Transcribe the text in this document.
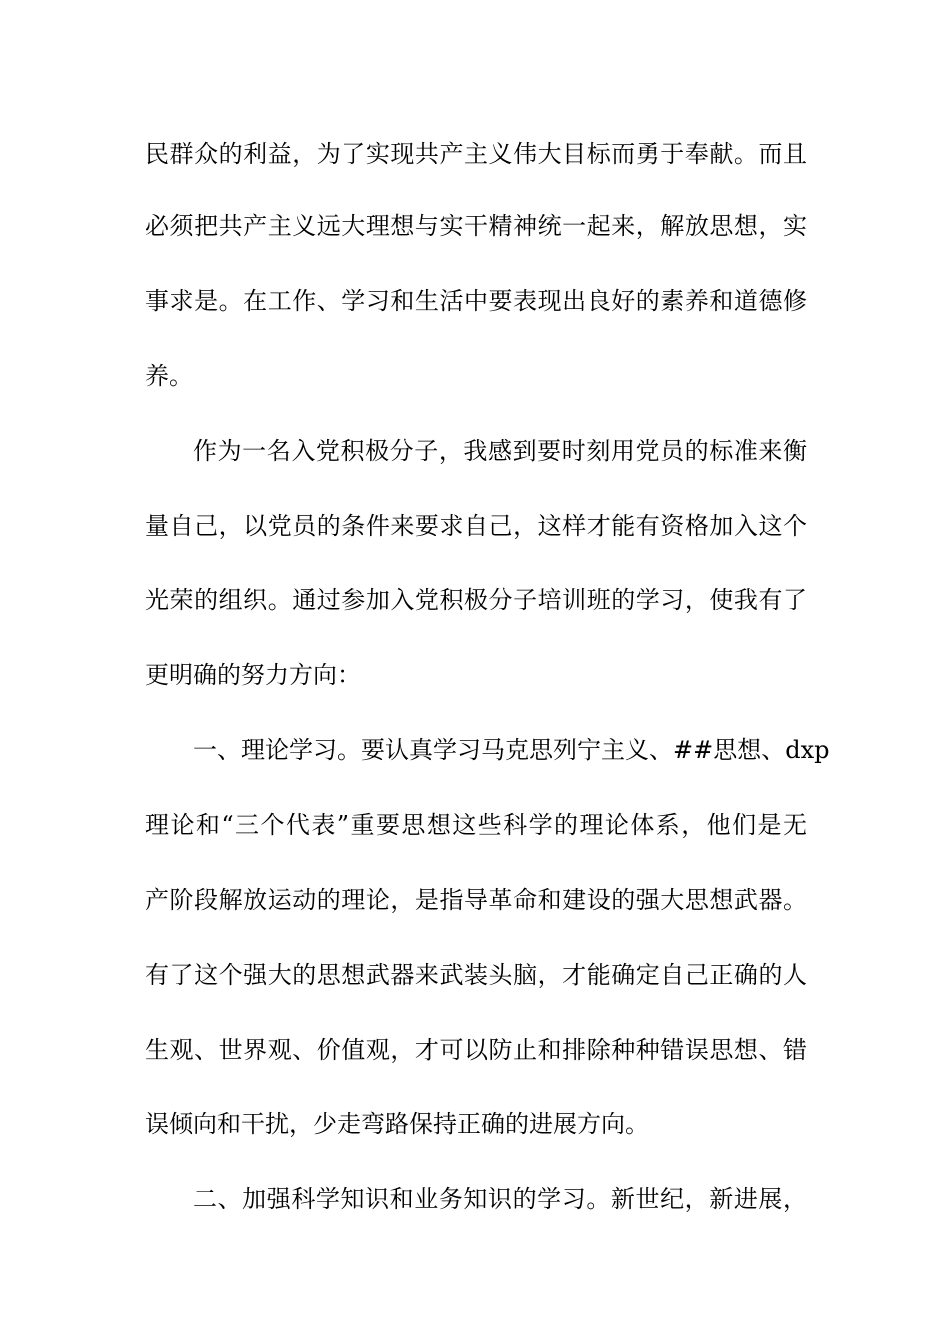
民群众的利益，为了实现共产主义伟大目标而勇于奉献。而且
必须把共产主义远大理想与实干精神统一起来，解放思想，实
事求是。在工作、学习和生活中要表现出良好的素养和道德修
养。
作为一名入党积极分子，我感到要时刻用党员的标准来衡
量自己，以党员的条件来要求自己，这样才能有资格加入这个
光荣的组织。通过参加入党积极分子培训班的学习，使我有了
更明确的努力方向：
一、理论学习。要认真学习马克思列宁主义、##思想、dxp
理论和“三个代表”重要思想这些科学的理论体系，他们是无
产阶段解放运动的理论，是指导革命和建设的强大思想武器。
有了这个强大的思想武器来武装头脑，才能确定自己正确的人
生观、世界观、价值观，才可以防止和排除种种错误思想、错
误倾向和干扰，少走弯路保持正确的进展方向。
二、加强科学知识和业务知识的学习。新世纪，新进展，
